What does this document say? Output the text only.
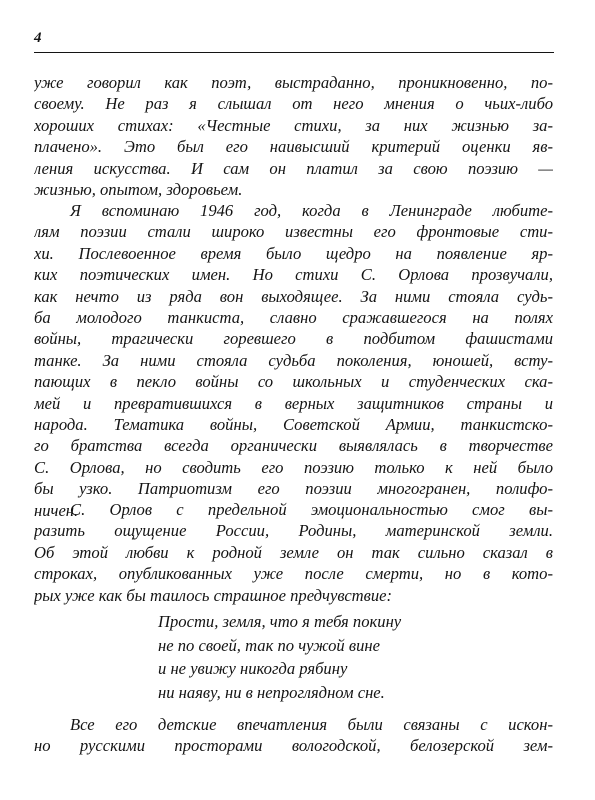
4
уже говорил как поэт, выстраданно, проникновенно, по-
своему. Не раз я слышал от него мнения о чьих-либо
хороших стихах: «Честные стихи, за них жизнью за-
плачено». Это был его наивысший критерий оценки яв-
ления искусства. И сам он платил за свою поэзию —
жизнью, опытом, здоровьем.
Я вспоминаю 1946 год, когда в Ленинграде любите-
лям поэзии стали широко известны его фронтовые сти-
хи. Послевоенное время было щедро на появление яр-
ких поэтических имен. Но стихи С. Орлова прозвучали,
как нечто из ряда вон выходящее. За ними стояла судь-
ба молодого танкиста, славно сражавшегося на полях
войны, трагически горевшего в подбитом фашистами
танке. За ними стояла судьба поколения, юношей, всту-
пающих в пекло войны со школьных и студенческих ска-
мей и превратившихся в верных защитников страны и
народа. Тематика войны, Советской Армии, танкистско-
го братства всегда органически выявлялась в творчестве
С. Орлова, но сводить его поэзию только к ней было
бы узко. Патриотизм его поэзии многогранен, полифо-
ничен.
С. Орлов с предельной эмоциональностью смог вы-
разить ощущение России, Родины, материнской земли.
Об этой любви к родной земле он так сильно сказал в
строках, опубликованных уже после смерти, но в кото-
рых уже как бы таилось страшное предчувствие:
Прости, земля, что я тебя покину
не по своей, так по чужой вине
и не увижу никогда рябину
ни наяву, ни в непроглядном сне.
Все его детские впечатления были связаны с искон-
но русскими просторами вологодской, белозерской зем-
